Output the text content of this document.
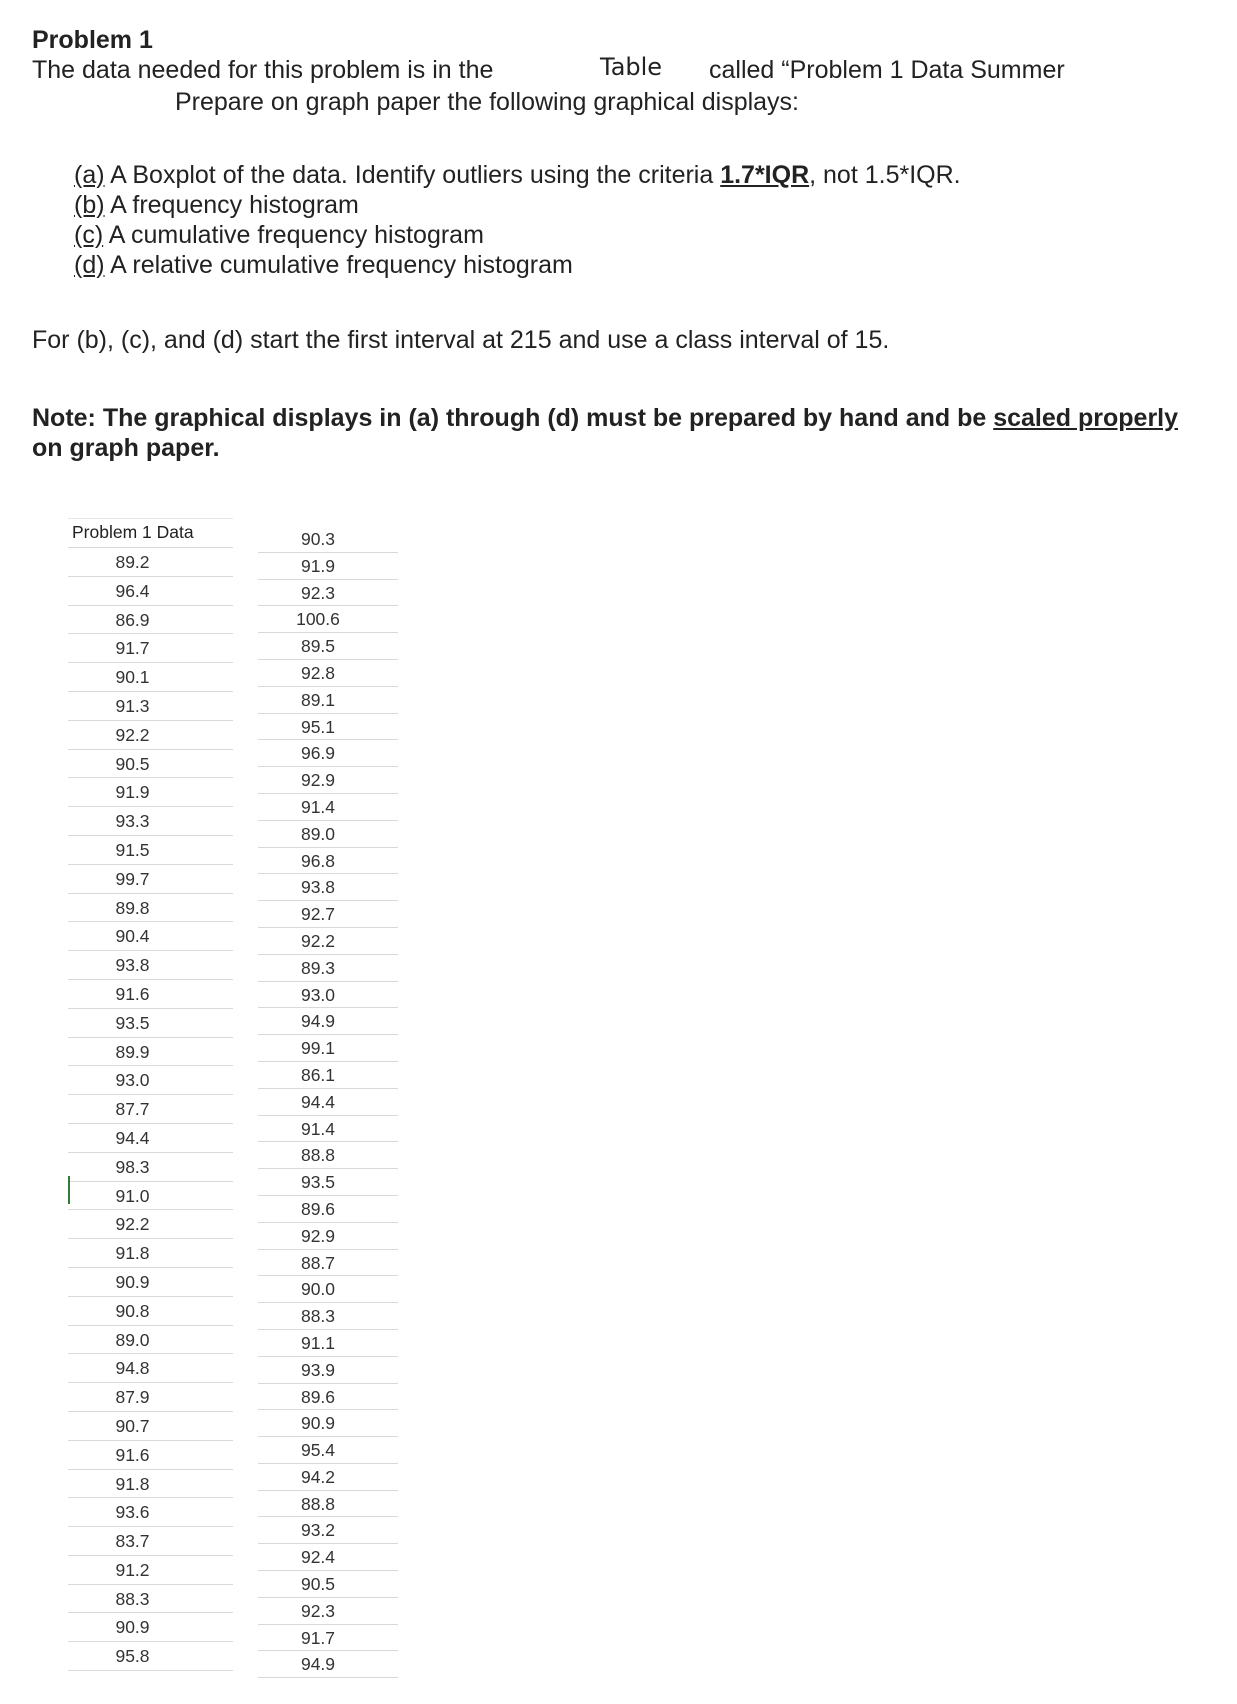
Problem 1
The data needed for this problem is in the	Table called “Problem 1 Data Summer
Prepare on graph paper the following graphical displays:
(a) A Boxplot of the data. Identify outliers using the criteria 1.7*IQR, not 1.5*IQR.
(b) A frequency histogram
(c) A cumulative frequency histogram
(d) A relative cumulative frequency histogram
For (b), (c), and (d) start the first interval at 215 and use a class interval of 15.
Note: The graphical displays in (a) through (d) must be prepared by hand and be scaled properly on graph paper.
Problem 1 Data
89.2
96.4
86.9
91.7
90.1
91.3
92.2
90.5
91.9
93.3
91.5
99.7
89.8
90.4
93.8
91.6
93.5
89.9
93.0
87.7
94.4
98.3
91.0
92.2
91.8
90.9
90.8
89.0
94.8
87.9
90.7
91.6
91.8
93.6
83.7
91.2
88.3
90.9
95.8
90.3
91.9
92.3
100.6
89.5
92.8
89.1
95.1
96.9
92.9
91.4
89.0
96.8
93.8
92.7
92.2
89.3
93.0
94.9
99.1
86.1
94.4
91.4
88.8
93.5
89.6
92.9
88.7
90.0
88.3
91.1
93.9
89.6
90.9
95.4
94.2
88.8
93.2
92.4
90.5
92.3
91.7
94.9
